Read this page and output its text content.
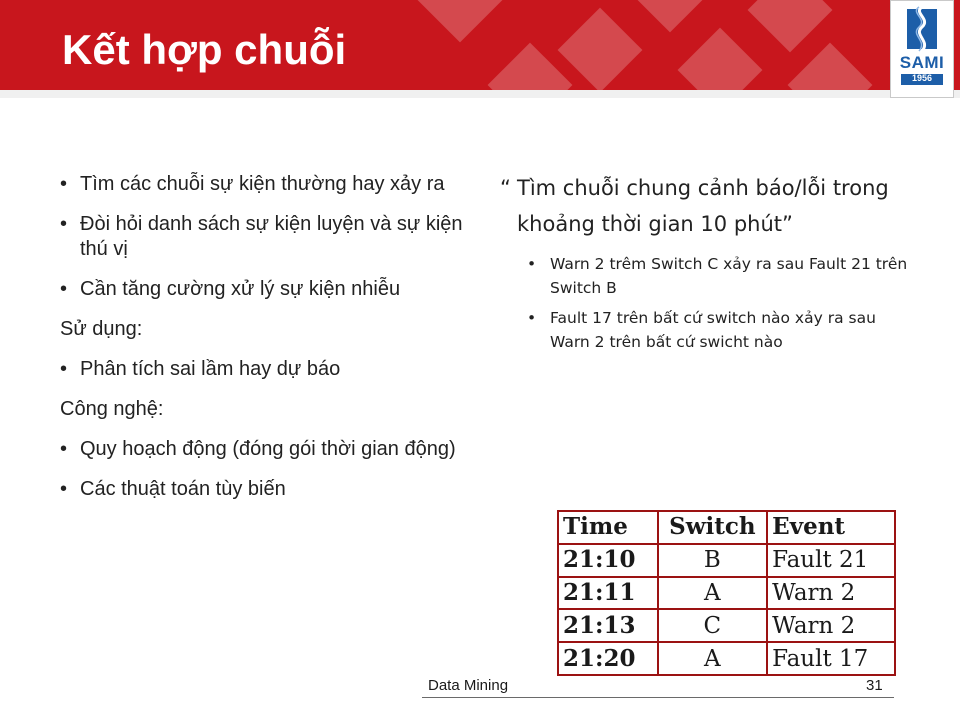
Kết hợp chuỗi	SAMI
1956
• Tìm các chuỗi sự kiện thường hay xảy ra
• Đòi hỏi danh sách sự kiện luyện và sự kiện thú vị
• Cần tăng cường xử lý sự kiện nhiễu
Sử dụng:
• Phân tích sai lầm hay dự báo
Công nghệ:
• Quy hoạch động (đóng gói thời gian động)
• Các thuật toán tùy biến
“ Tìm chuỗi chung cảnh báo/lỗi trong khoảng thời gian 10 phút”
• Warn 2 trêm Switch C xảy ra sau Fault 21 trên Switch B
• Fault 17 trên bất cứ switch nào xảy ra sau Warn 2 trên bất cứ swicht nào
Time	Switch	Event
21:10	B	Fault 21
21:11	A	Warn 2
21:13	C	Warn 2
21:20	A	Fault 17
Data Mining	31
